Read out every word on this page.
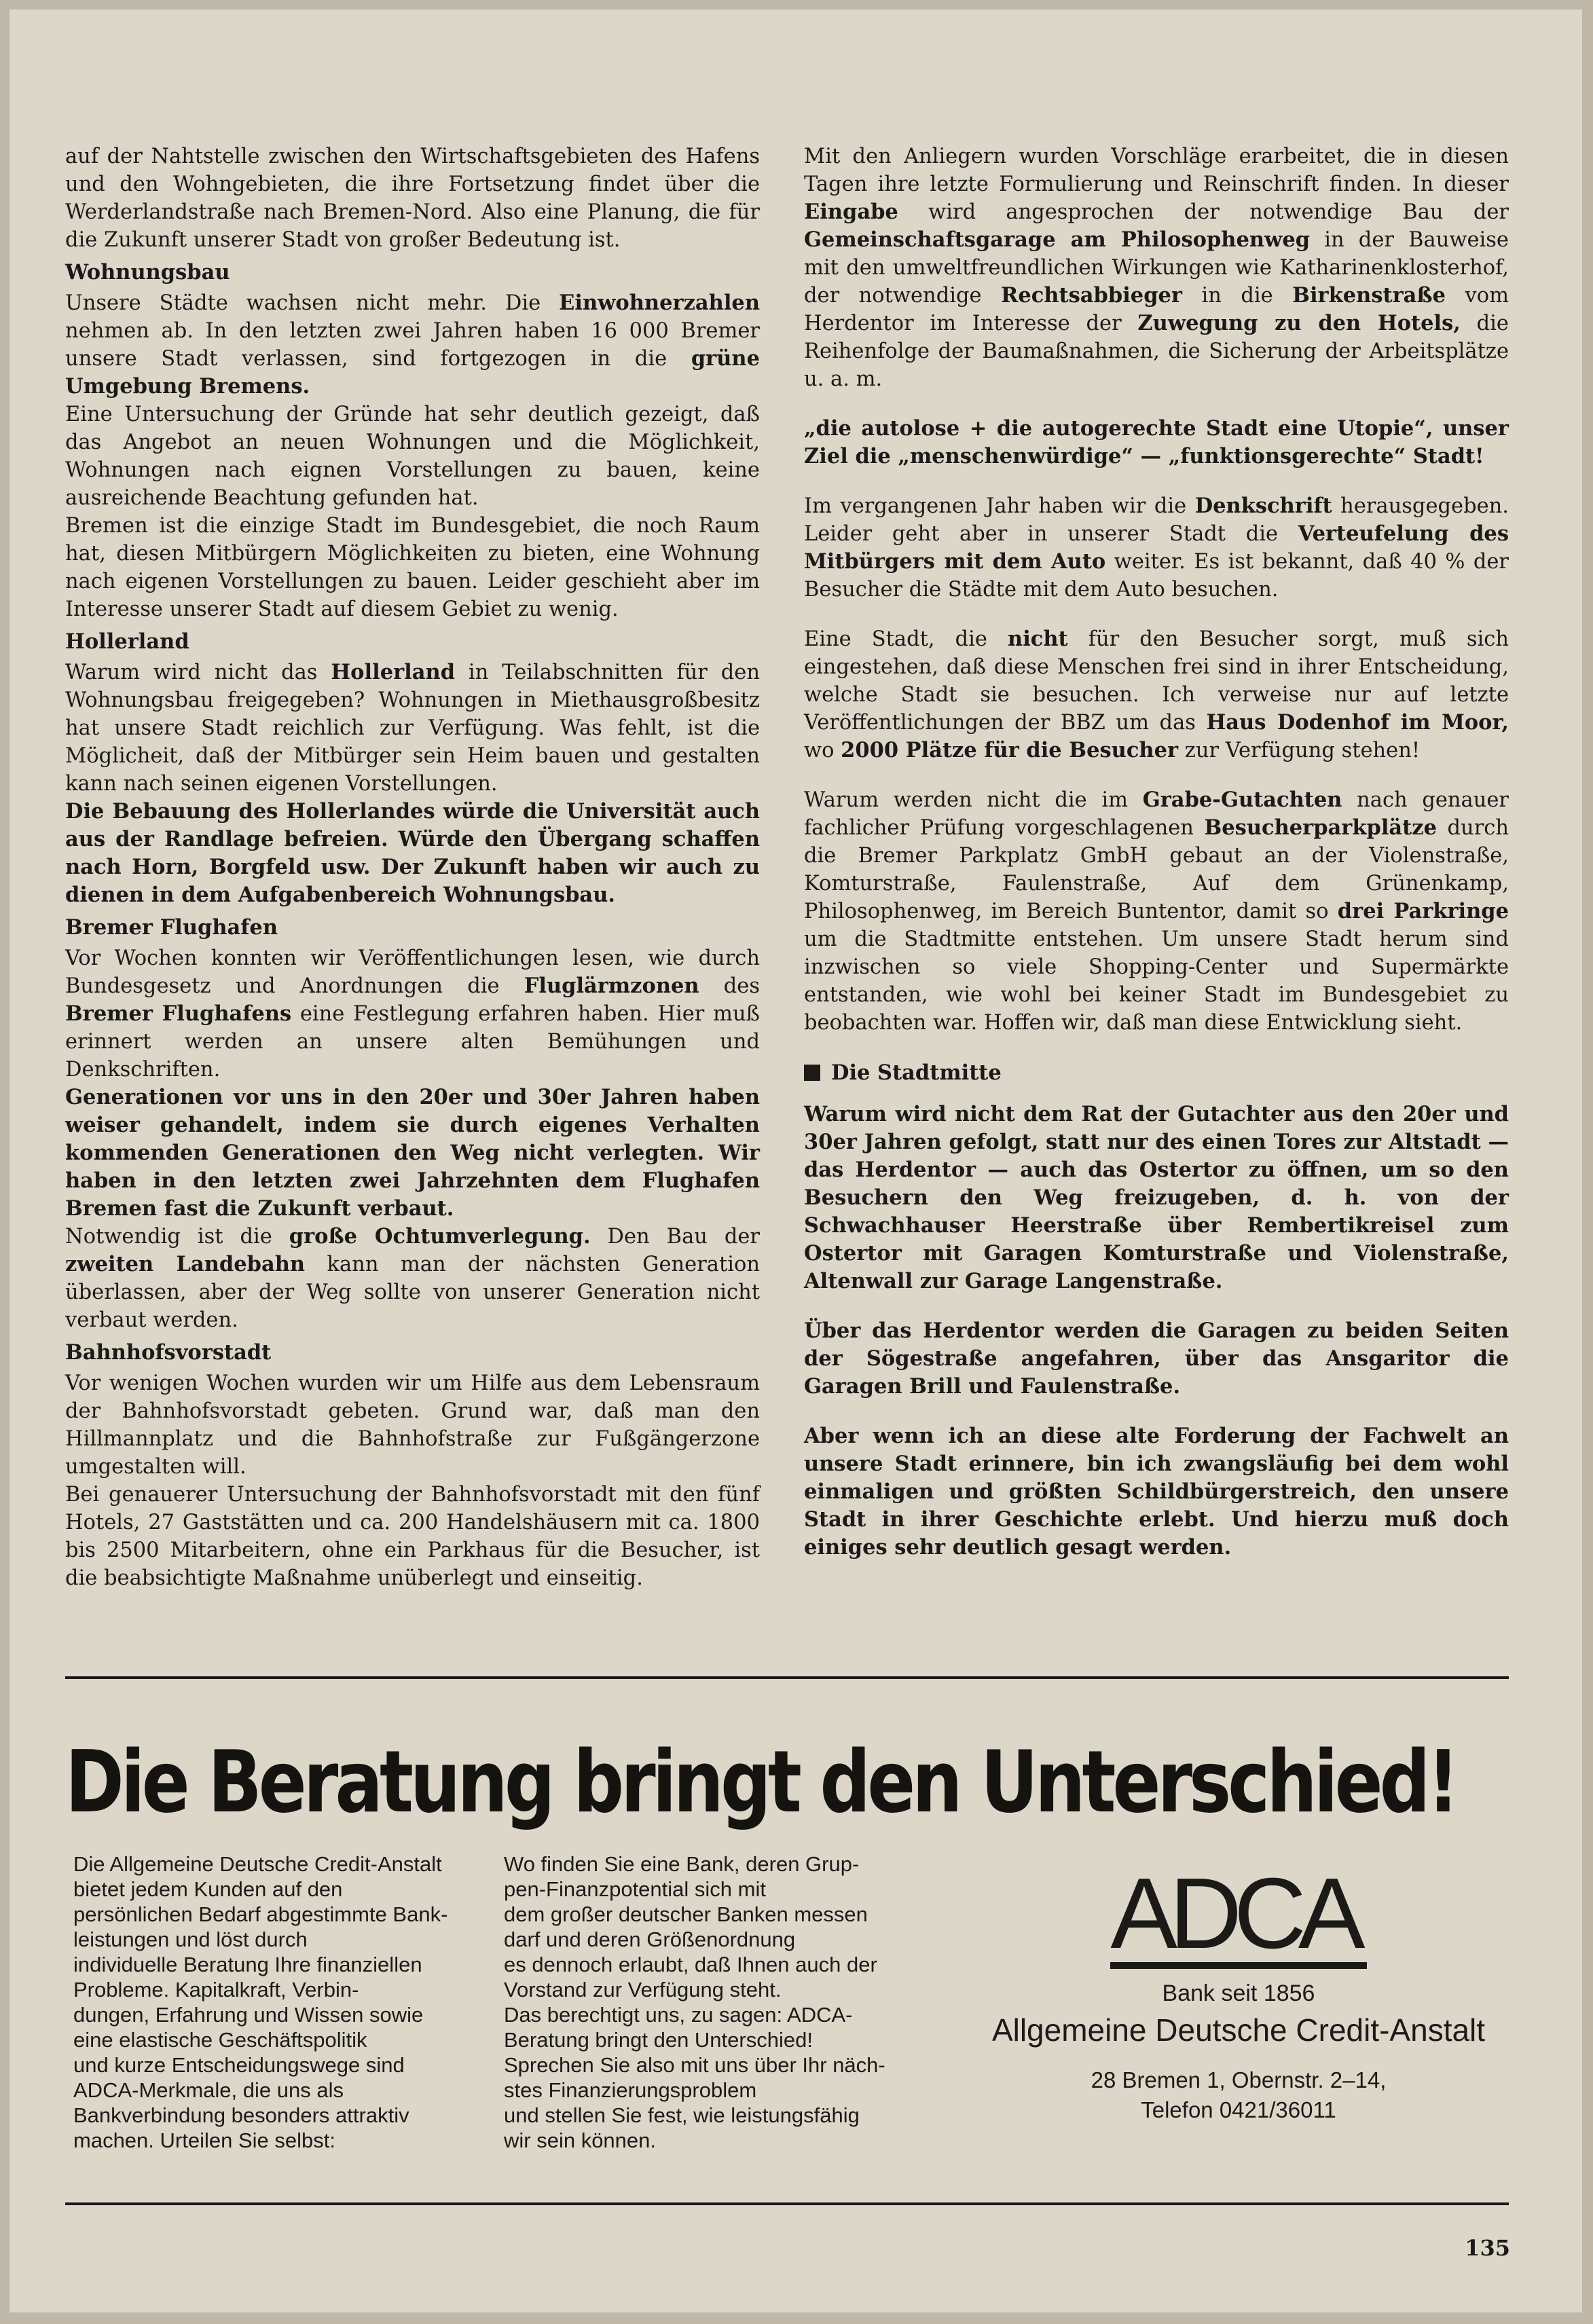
auf der Nahtstelle zwischen den Wirtschaftsgebieten des Hafens und den Wohngebieten, die ihre Fortsetzung findet über die Werderlandstraße nach Bremen-Nord. Also eine Planung, die für die Zukunft unserer Stadt von großer Bedeutung ist.

Wohnungsbau

Unsere Städte wachsen nicht mehr. Die Einwohnerzahlen nehmen ab. In den letzten zwei Jahren haben 16 000 Bremer unsere Stadt verlassen, sind fortgezogen in die grüne Umgebung Bremens.

Eine Untersuchung der Gründe hat sehr deutlich gezeigt, daß das Angebot an neuen Wohnungen und die Möglichkeit, Wohnungen nach eignen Vorstellungen zu bauen, keine ausreichende Beachtung gefunden hat.

Bremen ist die einzige Stadt im Bundesgebiet, die noch Raum hat, diesen Mitbürgern Möglichkeiten zu bieten, eine Wohnung nach eigenen Vorstellungen zu bauen. Leider geschieht aber im Interesse unserer Stadt auf diesem Gebiet zu wenig.

Hollerland

Warum wird nicht das Hollerland in Teilabschnitten für den Wohnungsbau freigegeben? Wohnungen in Miethausgroßbesitz hat unsere Stadt reichlich zur Verfügung. Was fehlt, ist die Möglicheit, daß der Mitbürger sein Heim bauen und gestalten kann nach seinen eigenen Vorstellungen.

Die Bebauung des Hollerlandes würde die Universität auch aus der Randlage befreien. Würde den Übergang schaffen nach Horn, Borgfeld usw. Der Zukunft haben wir auch zu dienen in dem Aufgabenbereich Wohnungsbau.

Bremer Flughafen

Vor Wochen konnten wir Veröffentlichungen lesen, wie durch Bundesgesetz und Anordnungen die Fluglärmzonen des Bremer Flughafens eine Festlegung erfahren haben. Hier muß erinnert werden an unsere alten Bemühungen und Denkschriften.

Generationen vor uns in den 20er und 30er Jahren haben weiser gehandelt, indem sie durch eigenes Verhalten kommenden Generationen den Weg nicht verlegten. Wir haben in den letzten zwei Jahrzehnten dem Flughafen Bremen fast die Zukunft verbaut.

Notwendig ist die große Ochtumverlegung. Den Bau der zweiten Landebahn kann man der nächsten Generation überlassen, aber der Weg sollte von unserer Generation nicht verbaut werden.

Bahnhofsvorstadt

Vor wenigen Wochen wurden wir um Hilfe aus dem Lebensraum der Bahnhofsvorstadt gebeten. Grund war, daß man den Hillmannplatz und die Bahnhofstraße zur Fußgängerzone umgestalten will.

Bei genauerer Untersuchung der Bahnhofsvorstadt mit den fünf Hotels, 27 Gaststätten und ca. 200 Handelshäusern mit ca. 1800 bis 2500 Mitarbeitern, ohne ein Parkhaus für die Besucher, ist die beabsichtigte Maßnahme unüberlegt und einseitig.

Mit den Anliegern wurden Vorschläge erarbeitet, die in diesen Tagen ihre letzte Formulierung und Reinschrift finden. In dieser Eingabe wird angesprochen der notwendige Bau der Gemeinschaftsgarage am Philosophenweg in der Bauweise mit den umweltfreundlichen Wirkungen wie Katharinenklosterhof, der notwendige Rechtsabbieger in die Birkenstraße vom Herdentor im Interesse der Zuwegung zu den Hotels, die Reihenfolge der Baumaßnahmen, die Sicherung der Arbeitsplätze u. a. m.

„die autolose + die autogerechte Stadt eine Utopie“, unser Ziel die „menschenwürdige“ — „funktionsgerechte“ Stadt!

Im vergangenen Jahr haben wir die Denkschrift herausgegeben. Leider geht aber in unserer Stadt die Verteufelung des Mitbürgers mit dem Auto weiter. Es ist bekannt, daß 40 % der Besucher die Städte mit dem Auto besuchen.

Eine Stadt, die nicht für den Besucher sorgt, muß sich eingestehen, daß diese Menschen frei sind in ihrer Entscheidung, welche Stadt sie besuchen. Ich verweise nur auf letzte Veröffentlichungen der BBZ um das Haus Dodenhof im Moor, wo 2000 Plätze für die Besucher zur Verfügung stehen!

Warum werden nicht die im Grabe-Gutachten nach genauer fachlicher Prüfung vorgeschlagenen Besucherparkplätze durch die Bremer Parkplatz GmbH gebaut an der Violenstraße, Komturstraße, Faulenstraße, Auf dem Grünenkamp, Philosophenweg, im Bereich Buntentor, damit so drei Parkringe um die Stadtmitte entstehen. Um unsere Stadt herum sind inzwischen so viele Shopping-Center und Supermärkte entstanden, wie wohl bei keiner Stadt im Bundesgebiet zu beobachten war. Hoffen wir, daß man diese Entwicklung sieht.

Die Stadtmitte

Warum wird nicht dem Rat der Gutachter aus den 20er und 30er Jahren gefolgt, statt nur des einen Tores zur Altstadt — das Herdentor — auch das Ostertor zu öffnen, um so den Besuchern den Weg freizugeben, d. h. von der Schwachhauser Heerstraße über Rembertikreisel zum Ostertor mit Garagen Komturstraße und Violenstraße, Altenwall zur Garage Langenstraße.

Über das Herdentor werden die Garagen zu beiden Seiten der Sögestraße angefahren, über das Ansgaritor die Garagen Brill und Faulenstraße.

Aber wenn ich an diese alte Forderung der Fachwelt an unsere Stadt erinnere, bin ich zwangsläufig bei dem wohl einmaligen und größten Schildbürgerstreich, den unsere Stadt in ihrer Geschichte erlebt. Und hierzu muß doch einiges sehr deutlich gesagt werden.

Die Beratung bringt den Unterschied!
Die Allgemeine Deutsche Credit-Anstalt
bietet jedem Kunden auf den
persönlichen Bedarf abgestimmte Bank-
leistungen und löst durch
individuelle Beratung Ihre finanziellen
Probleme. Kapitalkraft, Verbin-
dungen, Erfahrung und Wissen sowie
eine elastische Geschäftspolitik
und kurze Entscheidungswege sind
ADCA-Merkmale, die uns als
Bankverbindung besonders attraktiv
machen. Urteilen Sie selbst:
Wo finden Sie eine Bank, deren Grup-
pen-Finanzpotential sich mit
dem großer deutscher Banken messen
darf und deren Größenordnung
es dennoch erlaubt, daß Ihnen auch der
Vorstand zur Verfügung steht.
Das berechtigt uns, zu sagen: ADCA-
Beratung bringt den Unterschied!
Sprechen Sie also mit uns über Ihr näch-
stes Finanzierungsproblem
und stellen Sie fest, wie leistungsfähig
wir sein können.
ADCA
Bank seit 1856
Allgemeine Deutsche Credit-Anstalt
28 Bremen 1, Obernstr. 2–14,
Telefon 0421/36011
135
